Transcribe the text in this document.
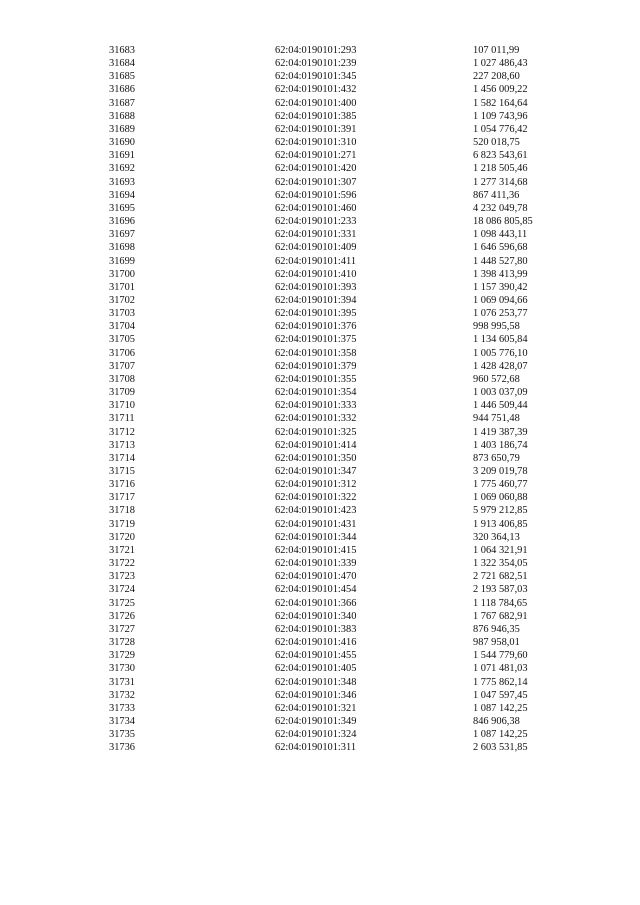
31683	62:04:0190101:293	107 011,99
31684	62:04:0190101:239	1 027 486,43
31685	62:04:0190101:345	227 208,60
31686	62:04:0190101:432	1 456 009,22
31687	62:04:0190101:400	1 582 164,64
31688	62:04:0190101:385	1 109 743,96
31689	62:04:0190101:391	1 054 776,42
31690	62:04:0190101:310	520 018,75
31691	62:04:0190101:271	6 823 543,61
31692	62:04:0190101:420	1 218 505,46
31693	62:04:0190101:307	1 277 314,68
31694	62:04:0190101:596	867 411,36
31695	62:04:0190101:460	4 232 049,78
31696	62:04:0190101:233	18 086 805,85
31697	62:04:0190101:331	1 098 443,11
31698	62:04:0190101:409	1 646 596,68
31699	62:04:0190101:411	1 448 527,80
31700	62:04:0190101:410	1 398 413,99
31701	62:04:0190101:393	1 157 390,42
31702	62:04:0190101:394	1 069 094,66
31703	62:04:0190101:395	1 076 253,77
31704	62:04:0190101:376	998 995,58
31705	62:04:0190101:375	1 134 605,84
31706	62:04:0190101:358	1 005 776,10
31707	62:04:0190101:379	1 428 428,07
31708	62:04:0190101:355	960 572,68
31709	62:04:0190101:354	1 003 037,09
31710	62:04:0190101:333	1 446 509,44
31711	62:04:0190101:332	944 751,48
31712	62:04:0190101:325	1 419 387,39
31713	62:04:0190101:414	1 403 186,74
31714	62:04:0190101:350	873 650,79
31715	62:04:0190101:347	3 209 019,78
31716	62:04:0190101:312	1 775 460,77
31717	62:04:0190101:322	1 069 060,88
31718	62:04:0190101:423	5 979 212,85
31719	62:04:0190101:431	1 913 406,85
31720	62:04:0190101:344	320 364,13
31721	62:04:0190101:415	1 064 321,91
31722	62:04:0190101:339	1 322 354,05
31723	62:04:0190101:470	2 721 682,51
31724	62:04:0190101:454	2 193 587,03
31725	62:04:0190101:366	1 118 784,65
31726	62:04:0190101:340	1 767 682,91
31727	62:04:0190101:383	876 946,35
31728	62:04:0190101:416	987 958,01
31729	62:04:0190101:455	1 544 779,60
31730	62:04:0190101:405	1 071 481,03
31731	62:04:0190101:348	1 775 862,14
31732	62:04:0190101:346	1 047 597,45
31733	62:04:0190101:321	1 087 142,25
31734	62:04:0190101:349	846 906,38
31735	62:04:0190101:324	1 087 142,25
31736	62:04:0190101:311	2 603 531,85
